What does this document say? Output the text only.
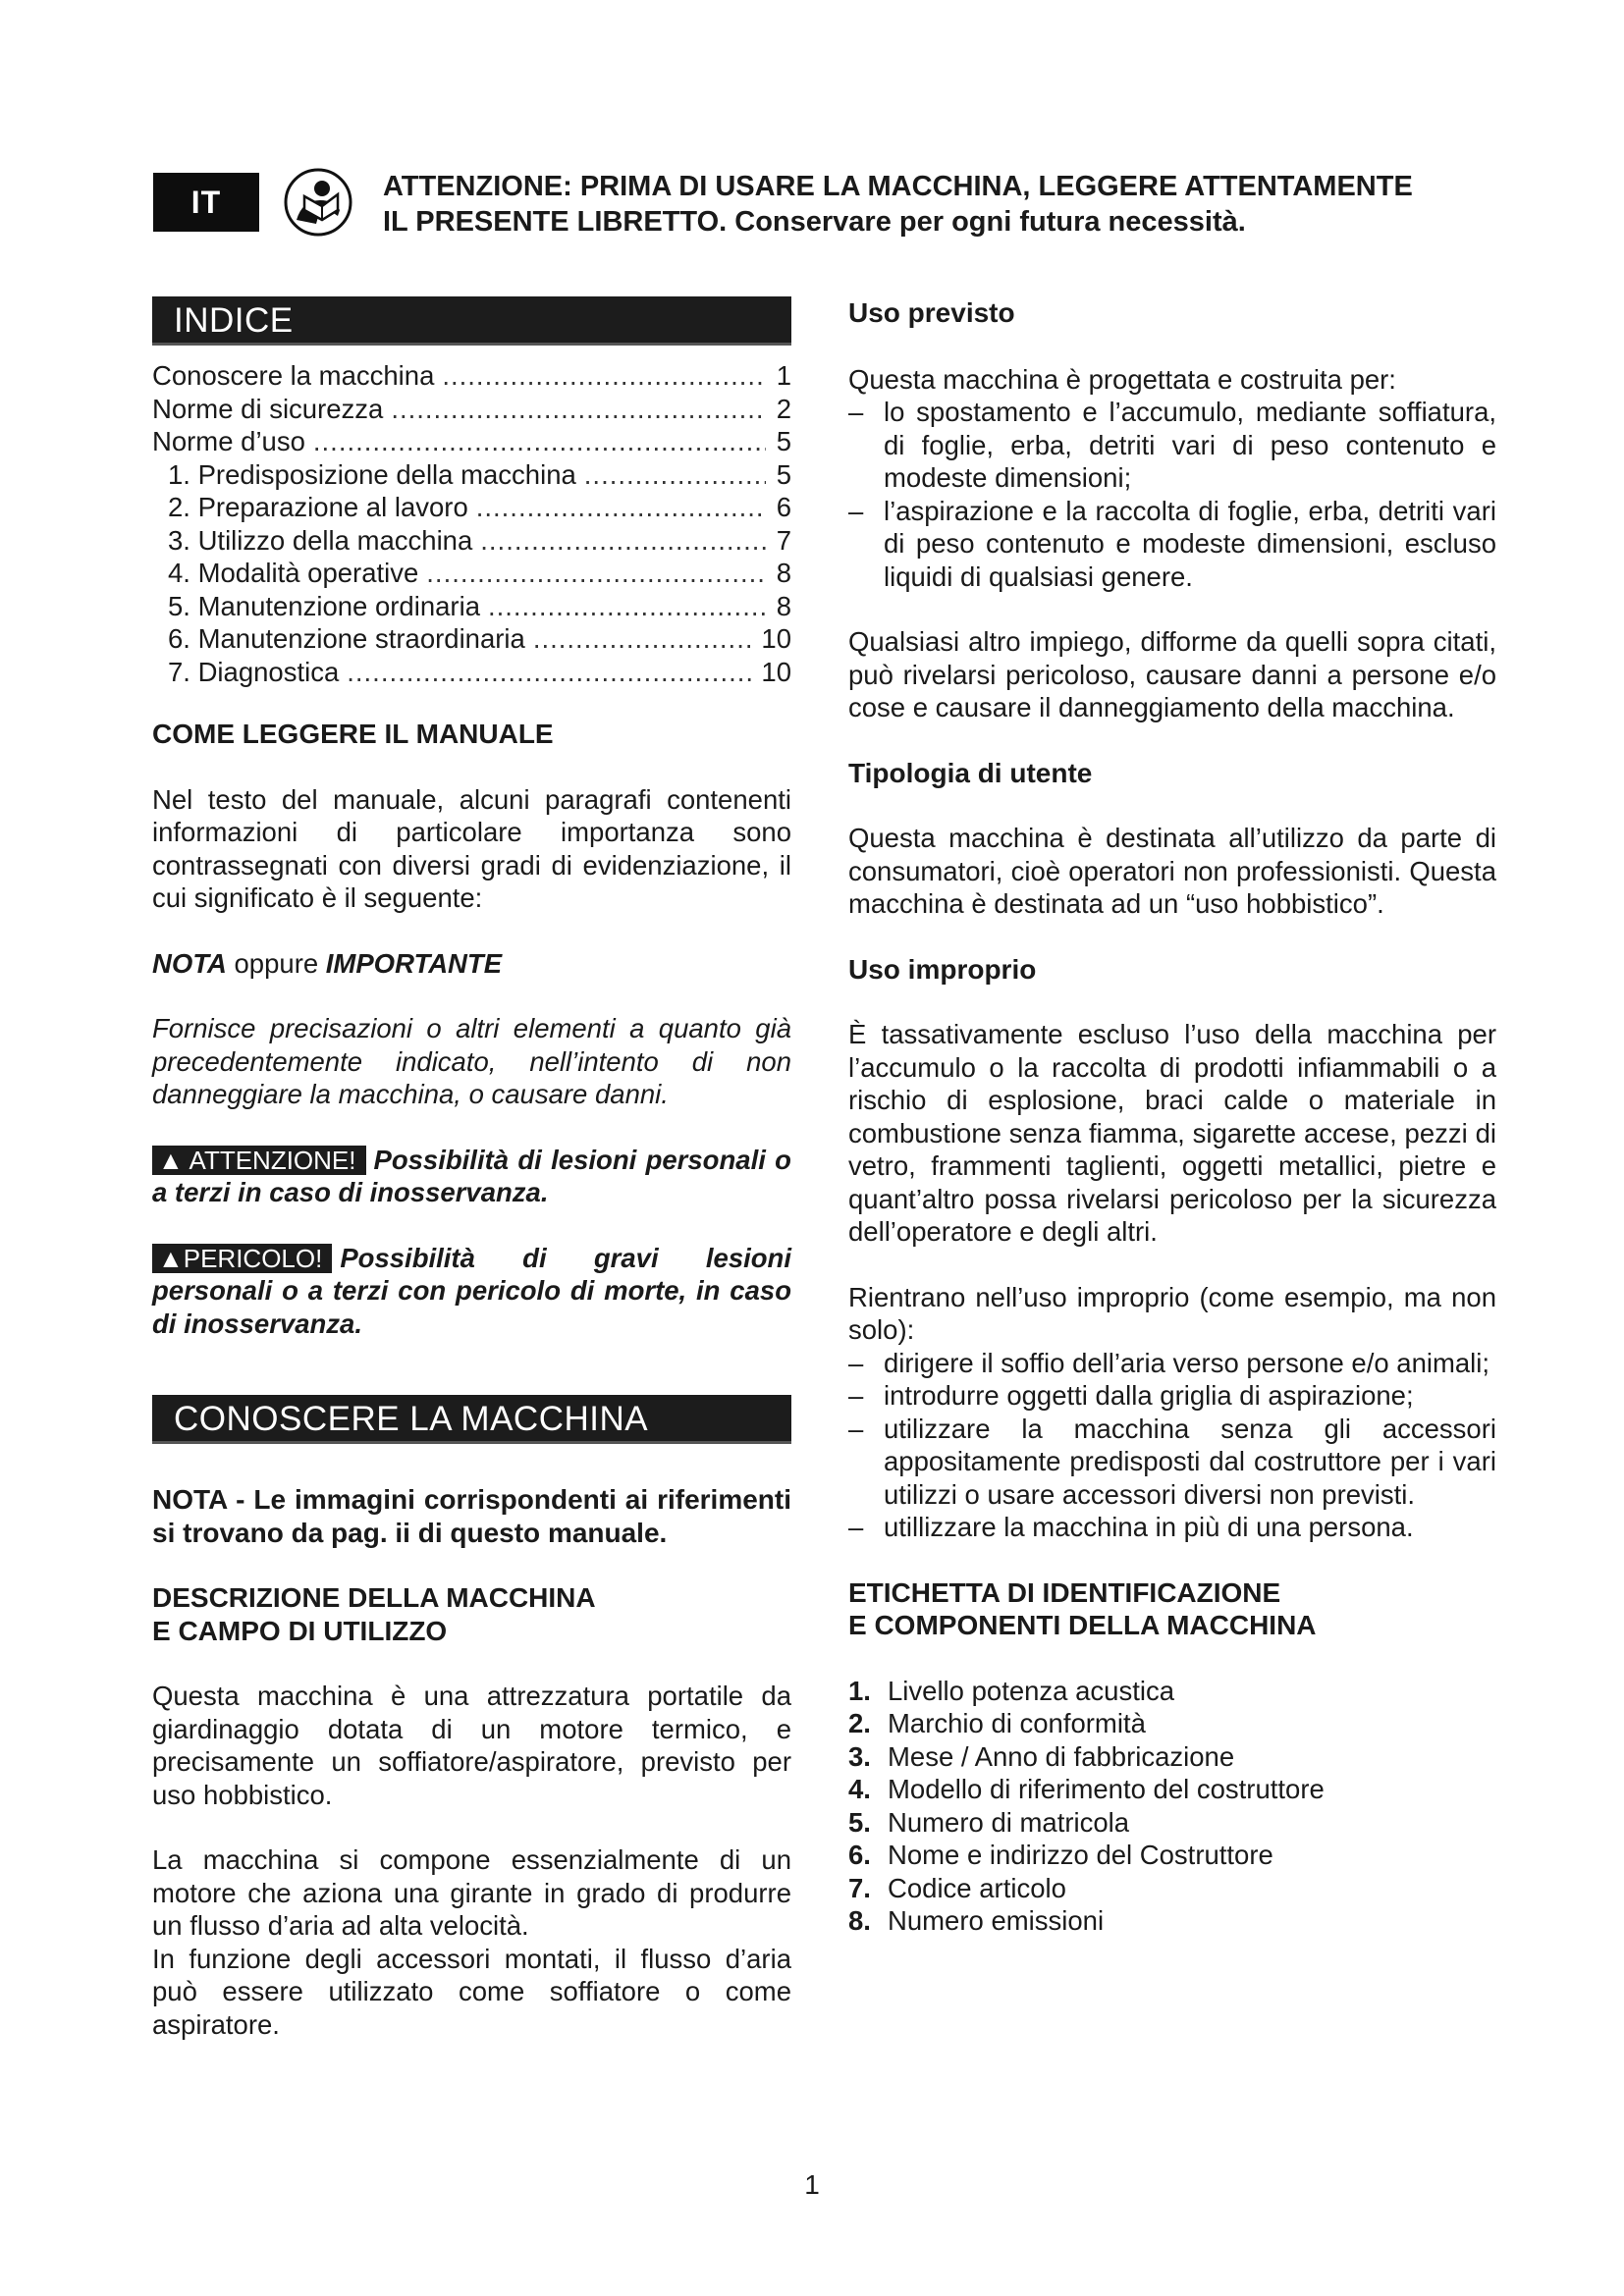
IT	ATTENZIONE: PRIMA DI USARE LA MACCHINA, LEGGERE ATTENTAMENTE
IL PRESENTE LIBRETTO. Conservare per ogni futura necessità.
INDICE
Conoscere la macchina .....	1
Norme di sicurezza .....	2
Norme d’uso .....	5
1. Predisposizione della macchina .....	5
2. Preparazione al lavoro .....	6
3. Utilizzo della macchina .....	7
4. Modalità operative .....	8
5. Manutenzione ordinaria .....	8
6. Manutenzione straordinaria .....	10
7. Diagnostica .....	10

COME LEGGERE IL MANUALE

Nel testo del manuale, alcuni paragrafi contenenti informazioni di particolare importanza sono contrassegnati con diversi gradi di evidenziazione, il cui significato è il seguente:

NOTA oppure IMPORTANTE

Fornisce precisazioni o altri elementi a quanto già precedentemente indicato, nell’intento di non danneggiare la macchina, o causare danni.

▲ ATTENZIONE! Possibilità di lesioni personali o a terzi in caso di inosservanza.

▲PERICOLO! Possibilità di gravi lesioni personali o a terzi con pericolo di morte, in caso di inosservanza.

CONOSCERE LA MACCHINA

NOTA - Le immagini corrispondenti ai riferimenti si trovano da pag. ii di questo manuale.

DESCRIZIONE DELLA MACCHINA
E CAMPO DI UTILIZZO

Questa macchina è una attrezzatura portatile da giardinaggio dotata di un motore termico, e precisamente un soffiatore/aspiratore, previsto per uso hobbistico.

La macchina si compone essenzialmente di un motore che aziona una girante in grado di produrre un flusso d’aria ad alta velocità.

In funzione degli accessori montati, il flusso d’aria può essere utilizzato come soffiatore o come aspiratore.

Uso previsto

Questa macchina è progettata e costruita per:

– lo spostamento e l’accumulo, mediante soffiatura, di foglie, erba, detriti vari di peso contenuto e modeste dimensioni;
– l’aspirazione e la raccolta di foglie, erba, detriti vari di peso contenuto e modeste dimensioni, escluso liquidi di qualsiasi genere.

Qualsiasi altro impiego, difforme da quelli sopra citati, può rivelarsi pericoloso, causare danni a persone e/o cose e causare il danneggiamento della macchina.

Tipologia di utente

Questa macchina è destinata all’utilizzo da parte di consumatori, cioè operatori non professionisti. Questa macchina è destinata ad un “uso hobbistico”.

Uso improprio

È tassativamente escluso l’uso della macchina per l’accumulo o la raccolta di prodotti infiammabili o a rischio di esplosione, braci calde o materiale in combustione senza fiamma, sigarette accese, pezzi di vetro, frammenti taglienti, oggetti metallici, pietre e quant’altro possa rivelarsi pericoloso per la sicurezza dell’operatore e degli altri.

Rientrano nell’uso improprio (come esempio, ma non solo):

– dirigere il soffio dell’aria verso persone e/o animali;
– introdurre oggetti dalla griglia di aspirazione;
– utilizzare la macchina senza gli accessori appositamente predisposti dal costruttore per i vari utilizzi o usare accessori diversi non previsti.
– utillizzare la macchina in più di una persona.

ETICHETTA DI IDENTIFICAZIONE
E COMPONENTI DELLA MACCHINA

1. Livello potenza acustica
2. Marchio di conformità
3. Mese / Anno di fabbricazione
4. Modello di riferimento del costruttore
5. Numero di matricola
6. Nome e indirizzo del Costruttore
7. Codice articolo
8. Numero emissioni
1
